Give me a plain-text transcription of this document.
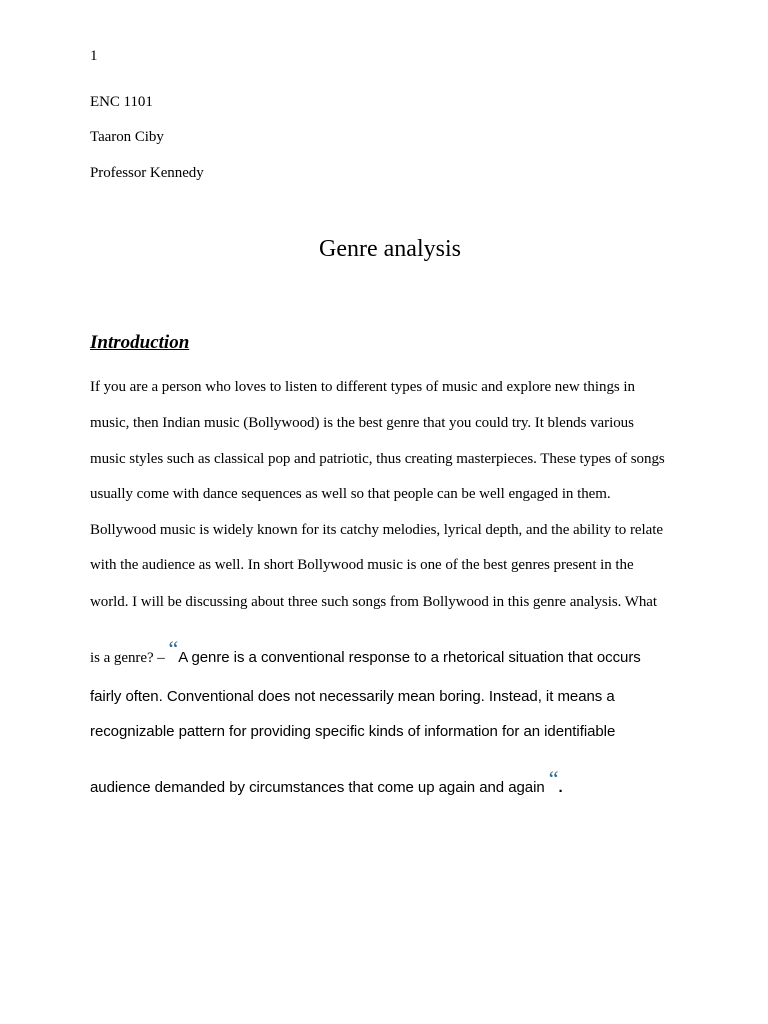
1

ENC 1101

Taaron Ciby

Professor Kennedy

Genre analysis
Introduction

If you are a person who loves to listen to different types of music and explore new things in

music, then Indian music (Bollywood) is the best genre that you could try. It blends various

music styles such as classical pop and patriotic, thus creating masterpieces. These types of songs

usually come with dance sequences as well so that people can be well engaged in them.

Bollywood music is widely known for its catchy melodies, lyrical depth, and the ability to relate

with the audience as well. In short Bollywood music is one of the best genres present in the

world. I will be discussing about three such songs from Bollywood in this genre analysis. What

is a genre? – “A genre is a conventional response to a rhetorical situation that occurs

fairly often. Conventional does not necessarily mean boring. Instead, it means a

recognizable pattern for providing specific kinds of information for an identifiable

audience demanded by circumstances that come up again and again “.
